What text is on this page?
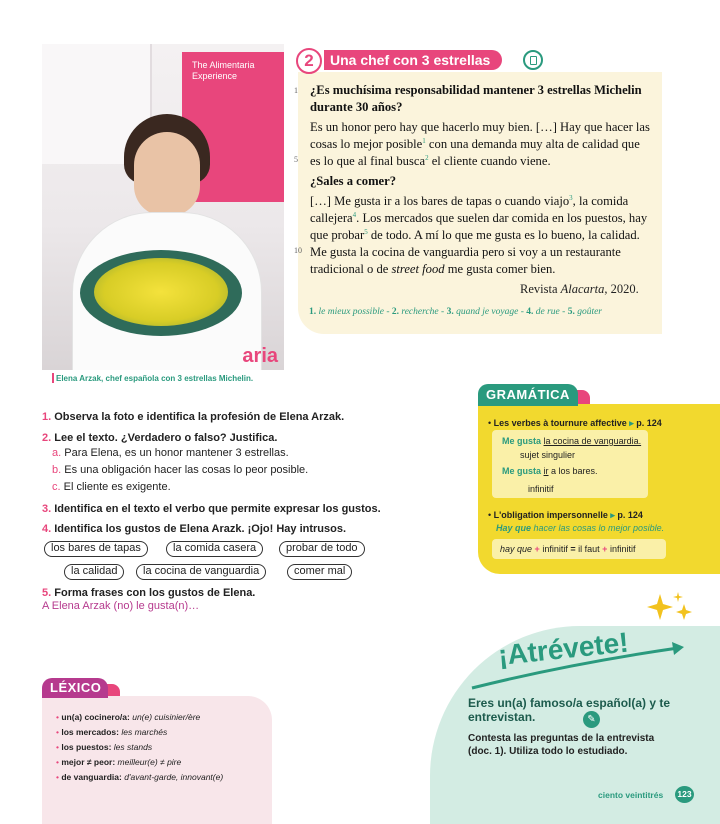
The Alimentaria Experience
aria
Elena Arzak, chef española con 3 estrellas Michelin.
2	Una chef con 3 estrellas
1
5
10
¿Es muchísima responsabilidad mantener 3 estrellas Michelin durante 30 años?
Es un honor pero hay que hacerlo muy bien. […] Hay que hacer las cosas lo mejor posible$^1$ con una demanda muy alta de calidad que es lo que al final busca$^2$ el cliente cuando viene.
¿Sales a comer?
[…] Me gusta ir a los bares de tapas o cuando viajo$^3$, la comida callejera$^4$. Los mercados que suelen dar comida en los puestos, hay que probar$^5$ de todo. A mí lo que me gusta es lo bueno, la calidad. Me gusta la cocina de vanguardia pero si voy a un restaurante tradicional o de street food me gusta comer bien.
Revista Alacarta, 2020.
1. le mieux possible - 2. recherche - 3. quand je voyage - 4. de rue - 5. goûter
1. Observa la foto e identifica la profesión de Elena Arzak.
2. Lee el texto. ¿Verdadero o falso? Justifica.
a. Para Elena, es un honor mantener 3 estrellas.
b. Es una obligación hacer las cosas lo peor posible.
c. El cliente es exigente.
3. Identifica en el texto el verbo que permite expresar los gustos.
4. Identifica los gustos de Elena Arazk. ¡Ojo! Hay intrusos.
los bares de tapas	la comida casera	probar de todo
la calidad	la cocina de vanguardia	comer mal
5. Forma frases con los gustos de Elena.
A Elena Arzak (no) le gusta(n)…
GRAMÁTICA
• Les verbes à tournure affective ▸ p. 124
Me gusta la cocina de vanguardia.
sujet singulier
Me gusta ir a los bares.
infinitif
• L'obligation impersonnelle ▸ p. 124
Hay que hacer las cosas lo mejor posible.
hay que + infinitif = il faut + infinitif
¡Atrévete!
Eres un(a) famoso/a español(a) y te entrevistan.	✎
Contesta las preguntas de la entrevista (doc. 1). Utiliza todo lo estudiado.
ciento veintitrés 123
LÉXICO
• un(a) cocinero/a: un(e) cuisinier/ère
• los mercados: les marchés
• los puestos: les stands
• mejor ≠ peor: meilleur(e) ≠ pire
• de vanguardia: d'avant-garde, innovant(e)
